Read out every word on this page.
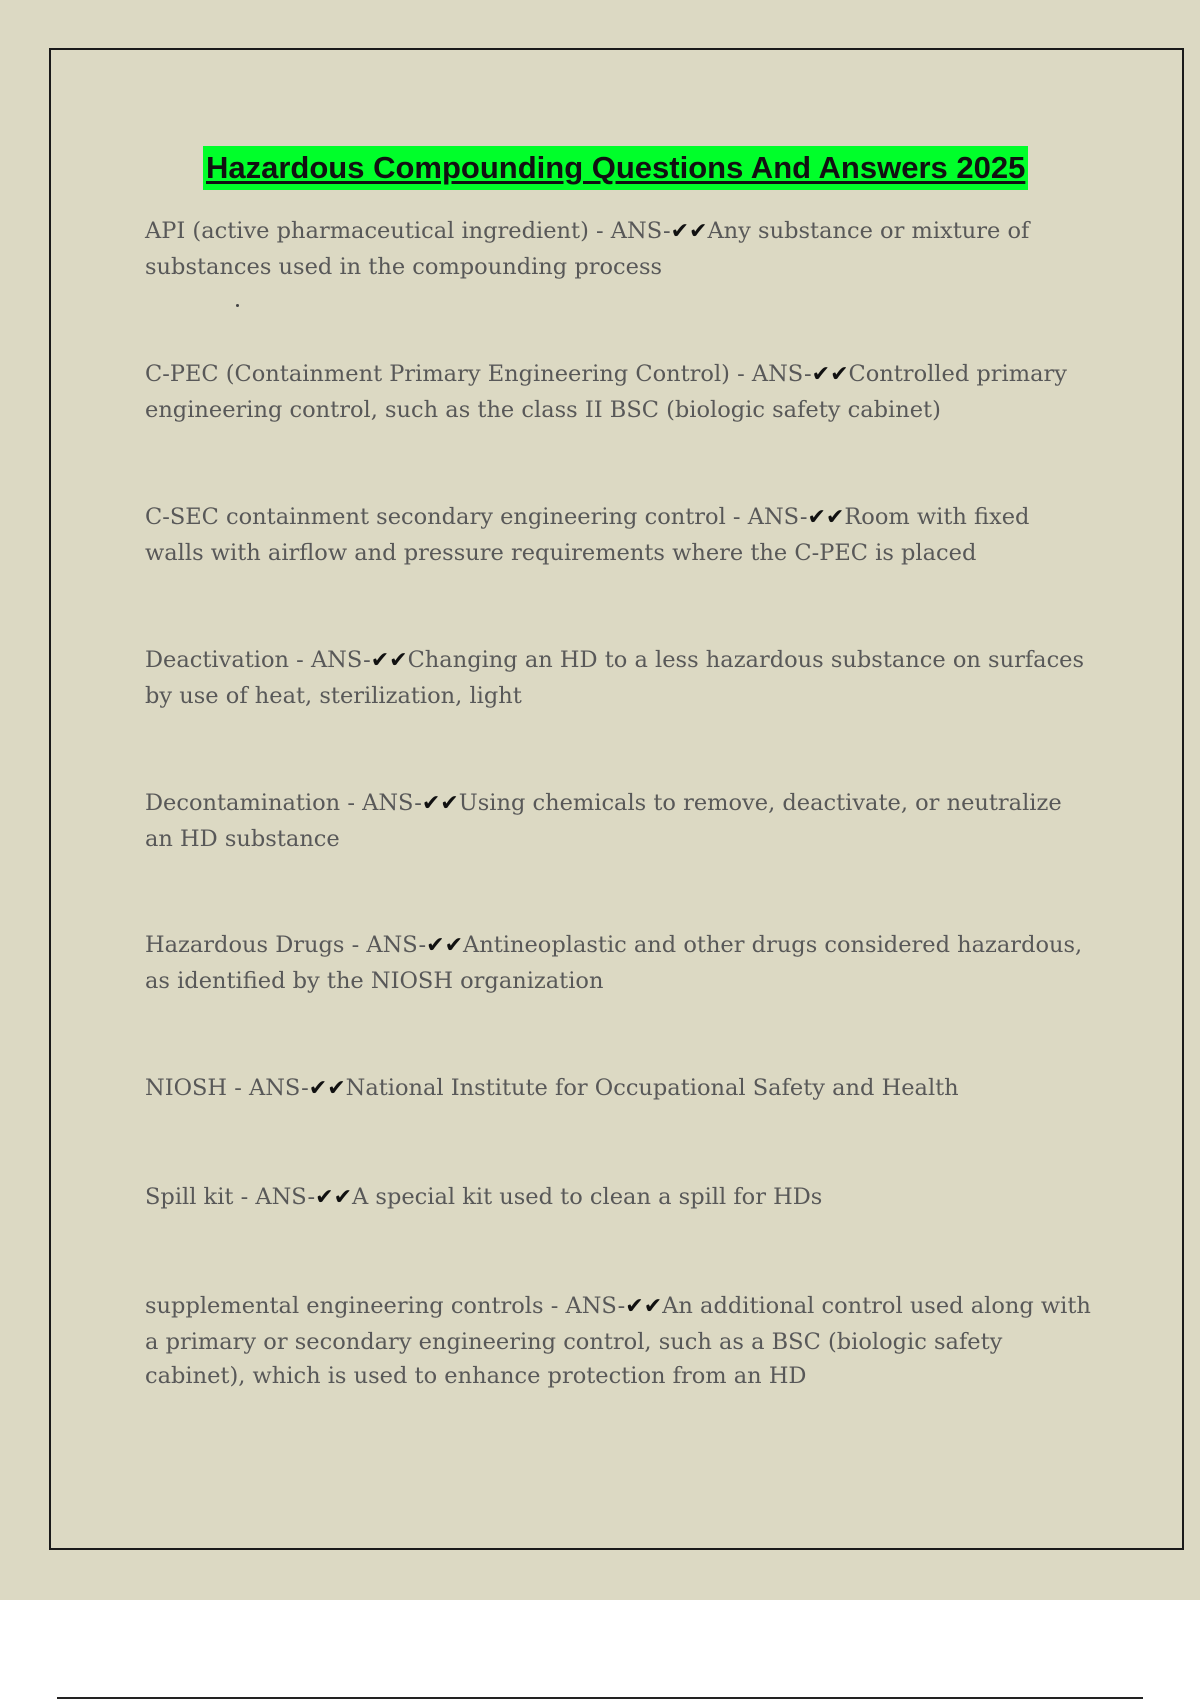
Hazardous Compounding Questions And Answers 2025
API (active pharmaceutical ingredient) - ANS-✔✔Any substance or mixture of substances used in the compounding process
C-PEC (Containment Primary Engineering Control) - ANS-✔✔Controlled primary engineering control, such as the class II BSC (biologic safety cabinet)
C-SEC containment secondary engineering control - ANS-✔✔Room with fixed walls with airflow and pressure requirements where the C-PEC is placed
Deactivation - ANS-✔✔Changing an HD to a less hazardous substance on surfaces by use of heat, sterilization, light
Decontamination - ANS-✔✔Using chemicals to remove, deactivate, or neutralize an HD substance
Hazardous Drugs - ANS-✔✔Antineoplastic and other drugs considered hazardous, as identified by the NIOSH organization
NIOSH - ANS-✔✔National Institute for Occupational Safety and Health
Spill kit - ANS-✔✔A special kit used to clean a spill for HDs
supplemental engineering controls - ANS-✔✔An additional control used along with a primary or secondary engineering control, such as a BSC (biologic safety cabinet), which is used to enhance protection from an HD
